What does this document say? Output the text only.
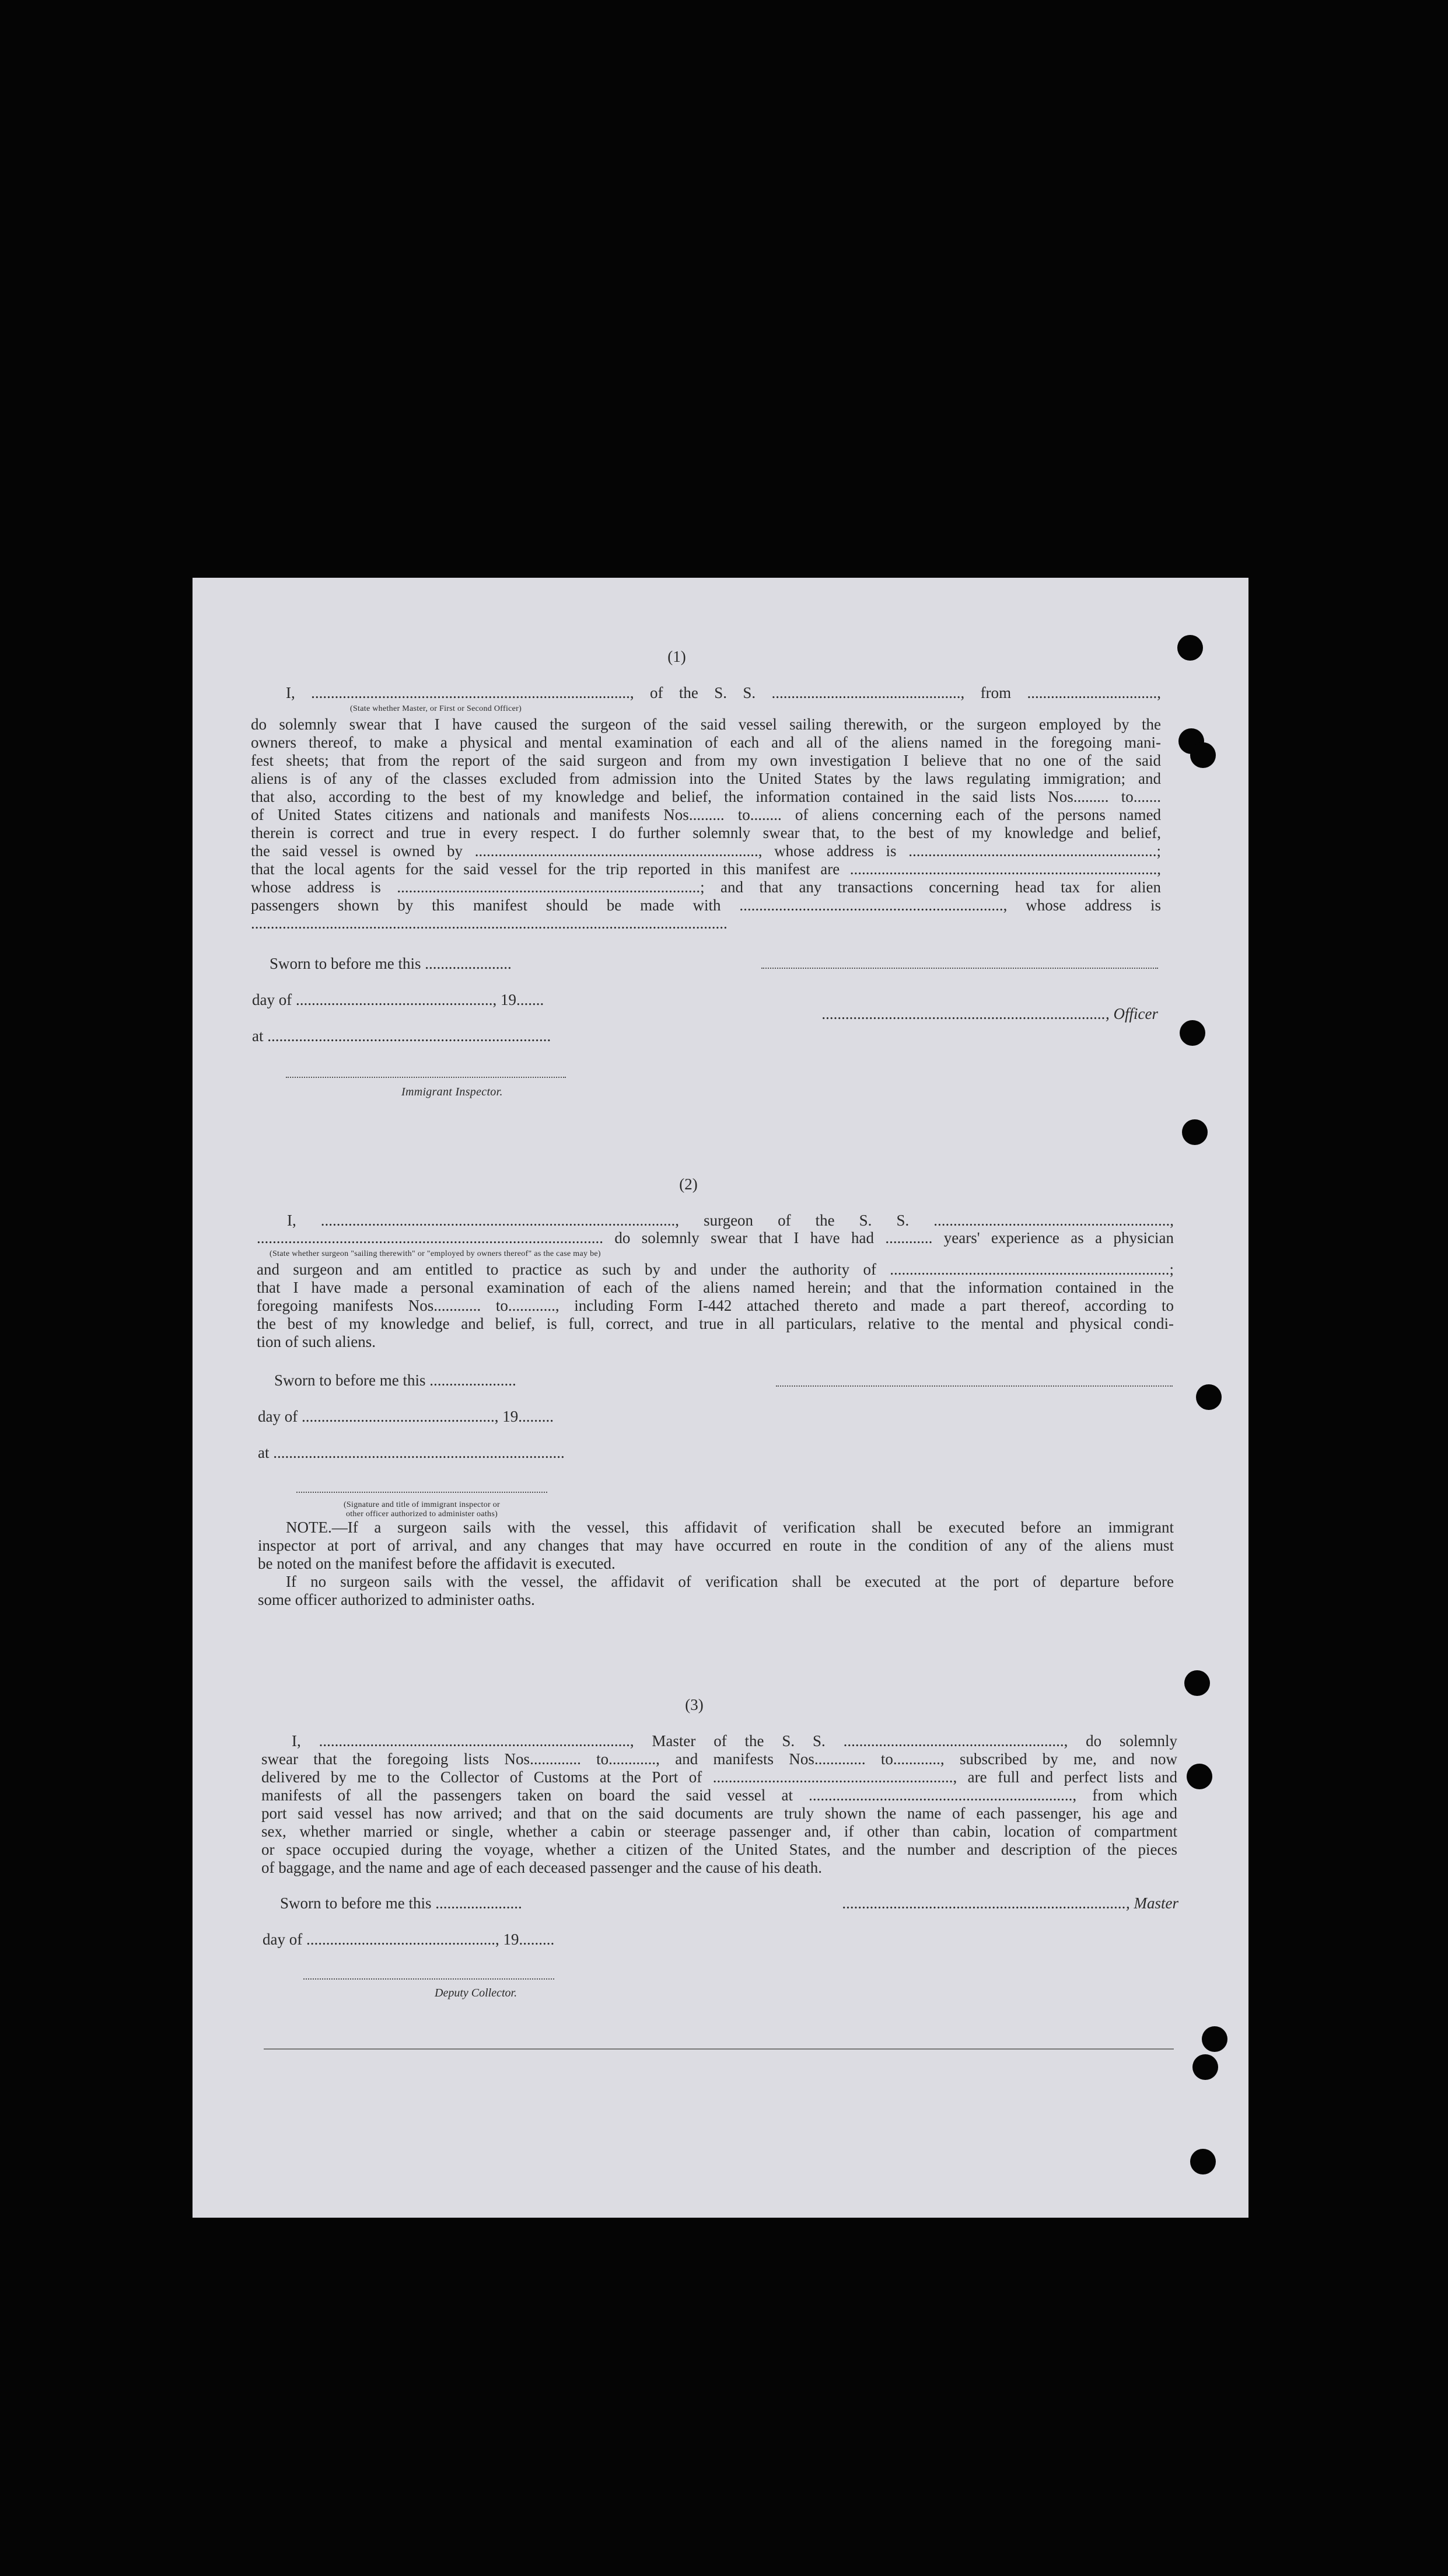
(1)
I, ................................................................................., of the S. S. ................................................, from .................................,
(State whether Master, or First or Second Officer)
do solemnly swear that I have caused the surgeon of the said vessel sailing therewith, or the surgeon employed by the
owners thereof, to make a physical and mental examination of each and all of the aliens named in the foregoing mani-
fest sheets; that from the report of the said surgeon and from my own investigation I believe that no one of the said
aliens is of any of the classes excluded from admission into the United States by the laws regulating immigration; and
that also, according to the best of my knowledge and belief, the information contained in the said lists Nos......... to.......
of United States citizens and nationals and manifests Nos......... to........ of aliens concerning each of the persons named
therein is correct and true in every respect. I do further solemnly swear that, to the best of my knowledge and belief,
the said vessel is owned by ........................................................................, whose address is ...............................................................;
that the local agents for the said vessel for the trip reported in this manifest are ..............................................................................,
whose address is .............................................................................; and that any transactions concerning head tax for alien
passengers shown by this manifest should be made with ..................................................................., whose address is
.........................................................................................................................
Sworn to before me this ......................
day of .................................................., 19.......
at ........................................................................
Immigrant Inspector.
........................................................................, Officer
(2)
I, .........................................................................................., surgeon of the S. S. ............................................................,
........................................................................................ do solemnly swear that I have had ............ years' experience as a physician
(State whether surgeon "sailing therewith" or "employed by owners thereof" as the case may be)
and surgeon and am entitled to practice as such by and under the authority of .......................................................................;
that I have made a personal examination of each of the aliens named herein; and that the information contained in the
foregoing manifests Nos............ to............, including Form I-442 attached thereto and made a part thereof, according to
the best of my knowledge and belief, is full, correct, and true in all particulars, relative to the mental and physical condi-
tion of such aliens.
Sworn to before me this ......................
day of ................................................., 19.........
at ..........................................................................
(Signature and title of immigrant inspector or
other officer authorized to administer oaths)
NOTE.—If a surgeon sails with the vessel, this affidavit of verification shall be executed before an immigrant
inspector at port of arrival, and any changes that may have occurred en route in the condition of any of the aliens must
be noted on the manifest before the affidavit is executed.
If no surgeon sails with the vessel, the affidavit of verification shall be executed at the port of departure before
some officer authorized to administer oaths.
(3)
I, ..............................................................................., Master of the S. S. ........................................................, do solemnly
swear that the foregoing lists Nos............. to............, and manifests Nos............. to............, subscribed by me, and now
delivered by me to the Collector of Customs at the Port of ............................................................., are full and perfect lists and
manifests of all the passengers taken on board the said vessel at ..................................................................., from which
port said vessel has now arrived; and that on the said documents are truly shown the name of each passenger, his age and
sex, whether married or single, whether a cabin or steerage passenger and, if other than cabin, location of compartment
or space occupied during the voyage, whether a citizen of the United States, and the number and description of the pieces
of baggage, and the name and age of each deceased passenger and the cause of his death.
Sworn to before me this ......................	........................................................................, Master
day of ................................................, 19.........
Deputy Collector.
